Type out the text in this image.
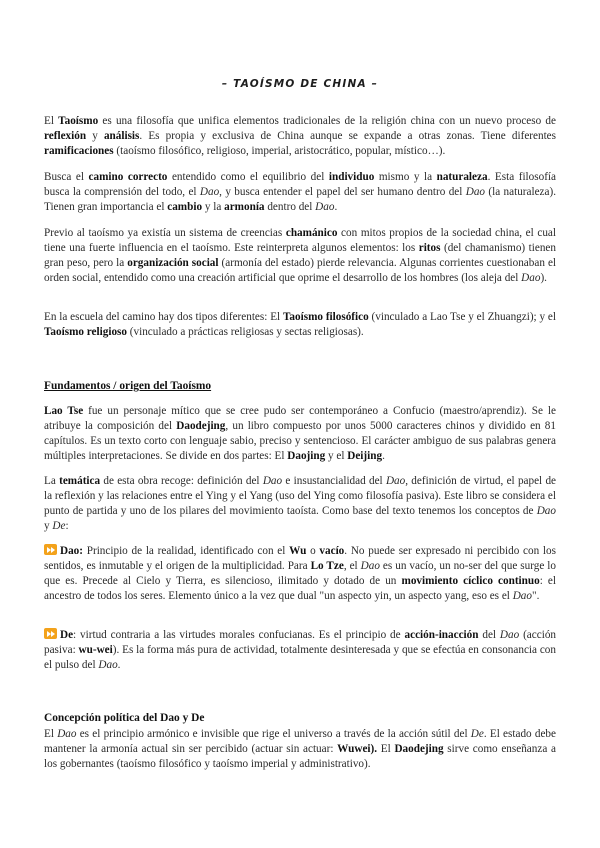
– TAOÍSMO DE CHINA –

El Taoísmo es una filosofía que unifica elementos tradicionales de la religión china con un nuevo proceso de reflexión y análisis. Es propia y exclusiva de China aunque se expande a otras zonas. Tiene diferentes ramificaciones (taoísmo filosófico, religioso, imperial, aristocrático, popular, místico…).

Busca el camino correcto entendido como el equilibrio del individuo mismo y la naturaleza. Esta filosofía busca la comprensión del todo, el Dao, y busca entender el papel del ser humano dentro del Dao (la naturaleza). Tienen gran importancia el cambio y la armonía dentro del Dao.

Previo al taoísmo ya existía un sistema de creencias chamánico con mitos propios de la sociedad china, el cual tiene una fuerte influencia en el taoísmo. Este reinterpreta algunos elementos: los ritos (del chamanismo) tienen gran peso, pero la organización social (armonía del estado) pierde relevancia. Algunas corrientes cuestionaban el orden social, entendido como una creación artificial que oprime el desarrollo de los hombres (los aleja del Dao).

En la escuela del camino hay dos tipos diferentes: El Taoísmo filosófico (vinculado a Lao Tse y el Zhuangzi); y el Taoísmo religioso (vinculado a prácticas religiosas y sectas religiosas).

Fundamentos / origen del Taoísmo

Lao Tse fue un personaje mítico que se cree pudo ser contemporáneo a Confucio (maestro/aprendiz). Se le atribuye la composición del Daodejing, un libro compuesto por unos 5000 caracteres chinos y dividido en 81 capítulos. Es un texto corto con lenguaje sabio, preciso y sentencioso. El carácter ambiguo de sus palabras genera múltiples interpretaciones. Se divide en dos partes: El Daojing y el Deijing.

La temática de esta obra recoge: definición del Dao e insustancialidad del Dao, definición de virtud, el papel de la reflexión y las relaciones entre el Ying y el Yang (uso del Ying como filosofía pasiva). Este libro se considera el punto de partida y uno de los pilares del movimiento taoísta. Como base del texto tenemos los conceptos de Dao y De:

Dao: Principio de la realidad, identificado con el Wu o vacío. No puede ser expresado ni percibido con los sentidos, es inmutable y el origen de la multiplicidad. Para Lo Tze, el Dao es un vacío, un no-ser del que surge lo que es. Precede al Cielo y Tierra, es silencioso, ilimitado y dotado de un movimiento cíclico continuo: el ancestro de todos los seres. Elemento único a la vez que dual "un aspecto yin, un aspecto yang, eso es el Dao".

De: virtud contraria a las virtudes morales confucianas. Es el principio de acción-inacción del Dao (acción pasiva: wu-wei). Es la forma más pura de actividad, totalmente desinteresada y que se efectúa en consonancia con el pulso del Dao.

Concepción política del Dao y De

El Dao es el principio armónico e invisible que rige el universo a través de la acción sútil del De. El estado debe mantener la armonía actual sin ser percibido (actuar sin actuar: Wuwei). El Daodejing sirve como enseñanza a los gobernantes (taoísmo filosófico y taoísmo imperial y administrativo).
